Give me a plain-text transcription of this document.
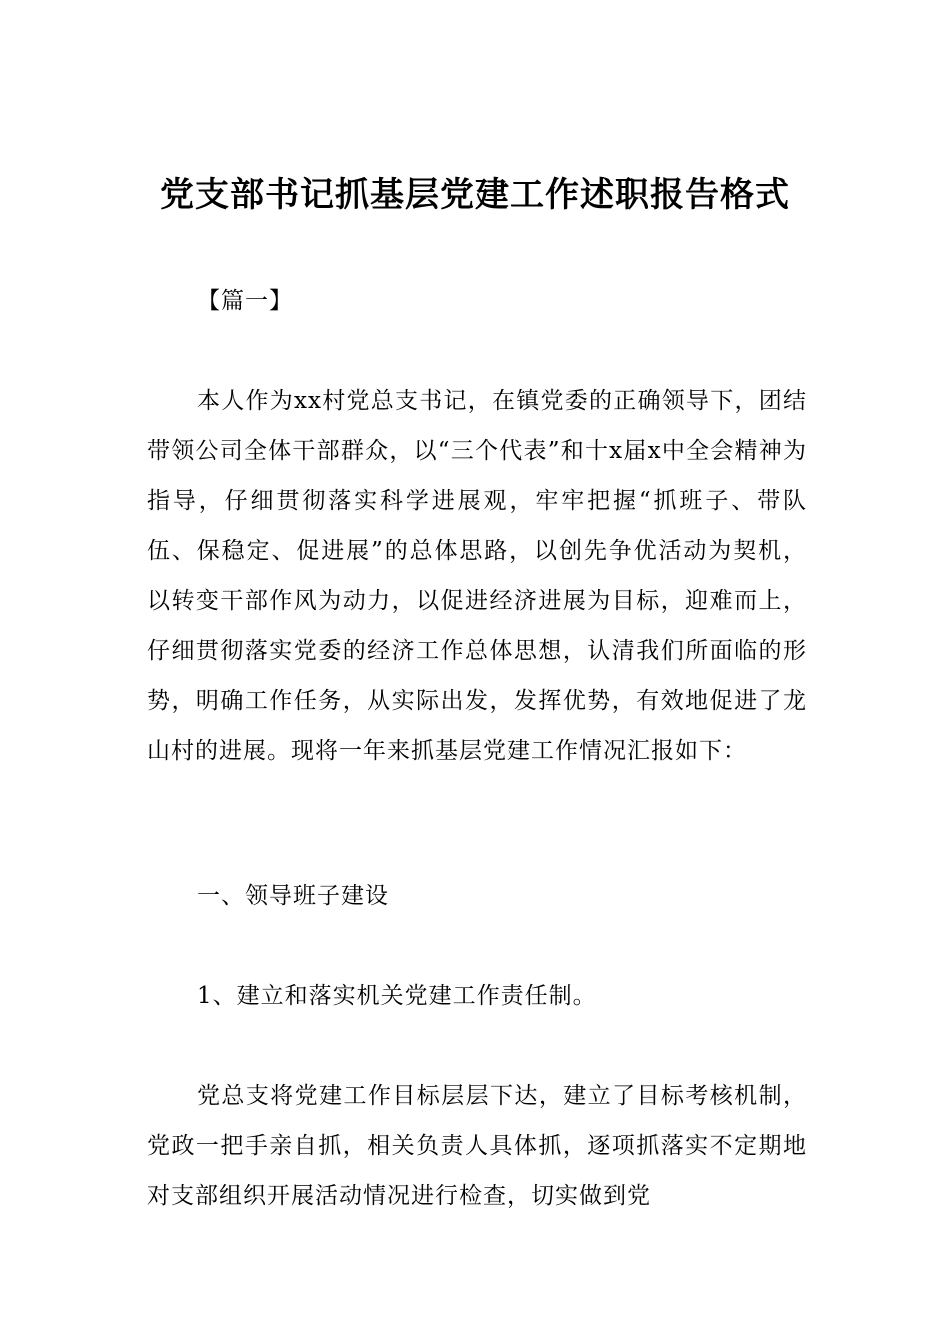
党支部书记抓基层党建工作述职报告格式

【篇一】

本人作为xx村党总支书记，在镇党委的正确领导下，团结带领公司全体干部群众，以“三个代表”和十x届x中全会精神为指导，仔细贯彻落实科学进展观，牢牢把握“抓班子、带队伍、保稳定、促进展”的总体思路，以创先争优活动为契机，以转变干部作风为动力，以促进经济进展为目标，迎难而上，仔细贯彻落实党委的经济工作总体思想，认清我们所面临的形势，明确工作任务，从实际出发，发挥优势，有效地促进了龙山村的进展。现将一年来抓基层党建工作情况汇报如下：

一、领导班子建设

1、建立和落实机关党建工作责任制。

党总支将党建工作目标层层下达，建立了目标考核机制，党政一把手亲自抓，相关负责人具体抓，逐项抓落实不定期地对支部组织开展活动情况进行检查，切实做到党
